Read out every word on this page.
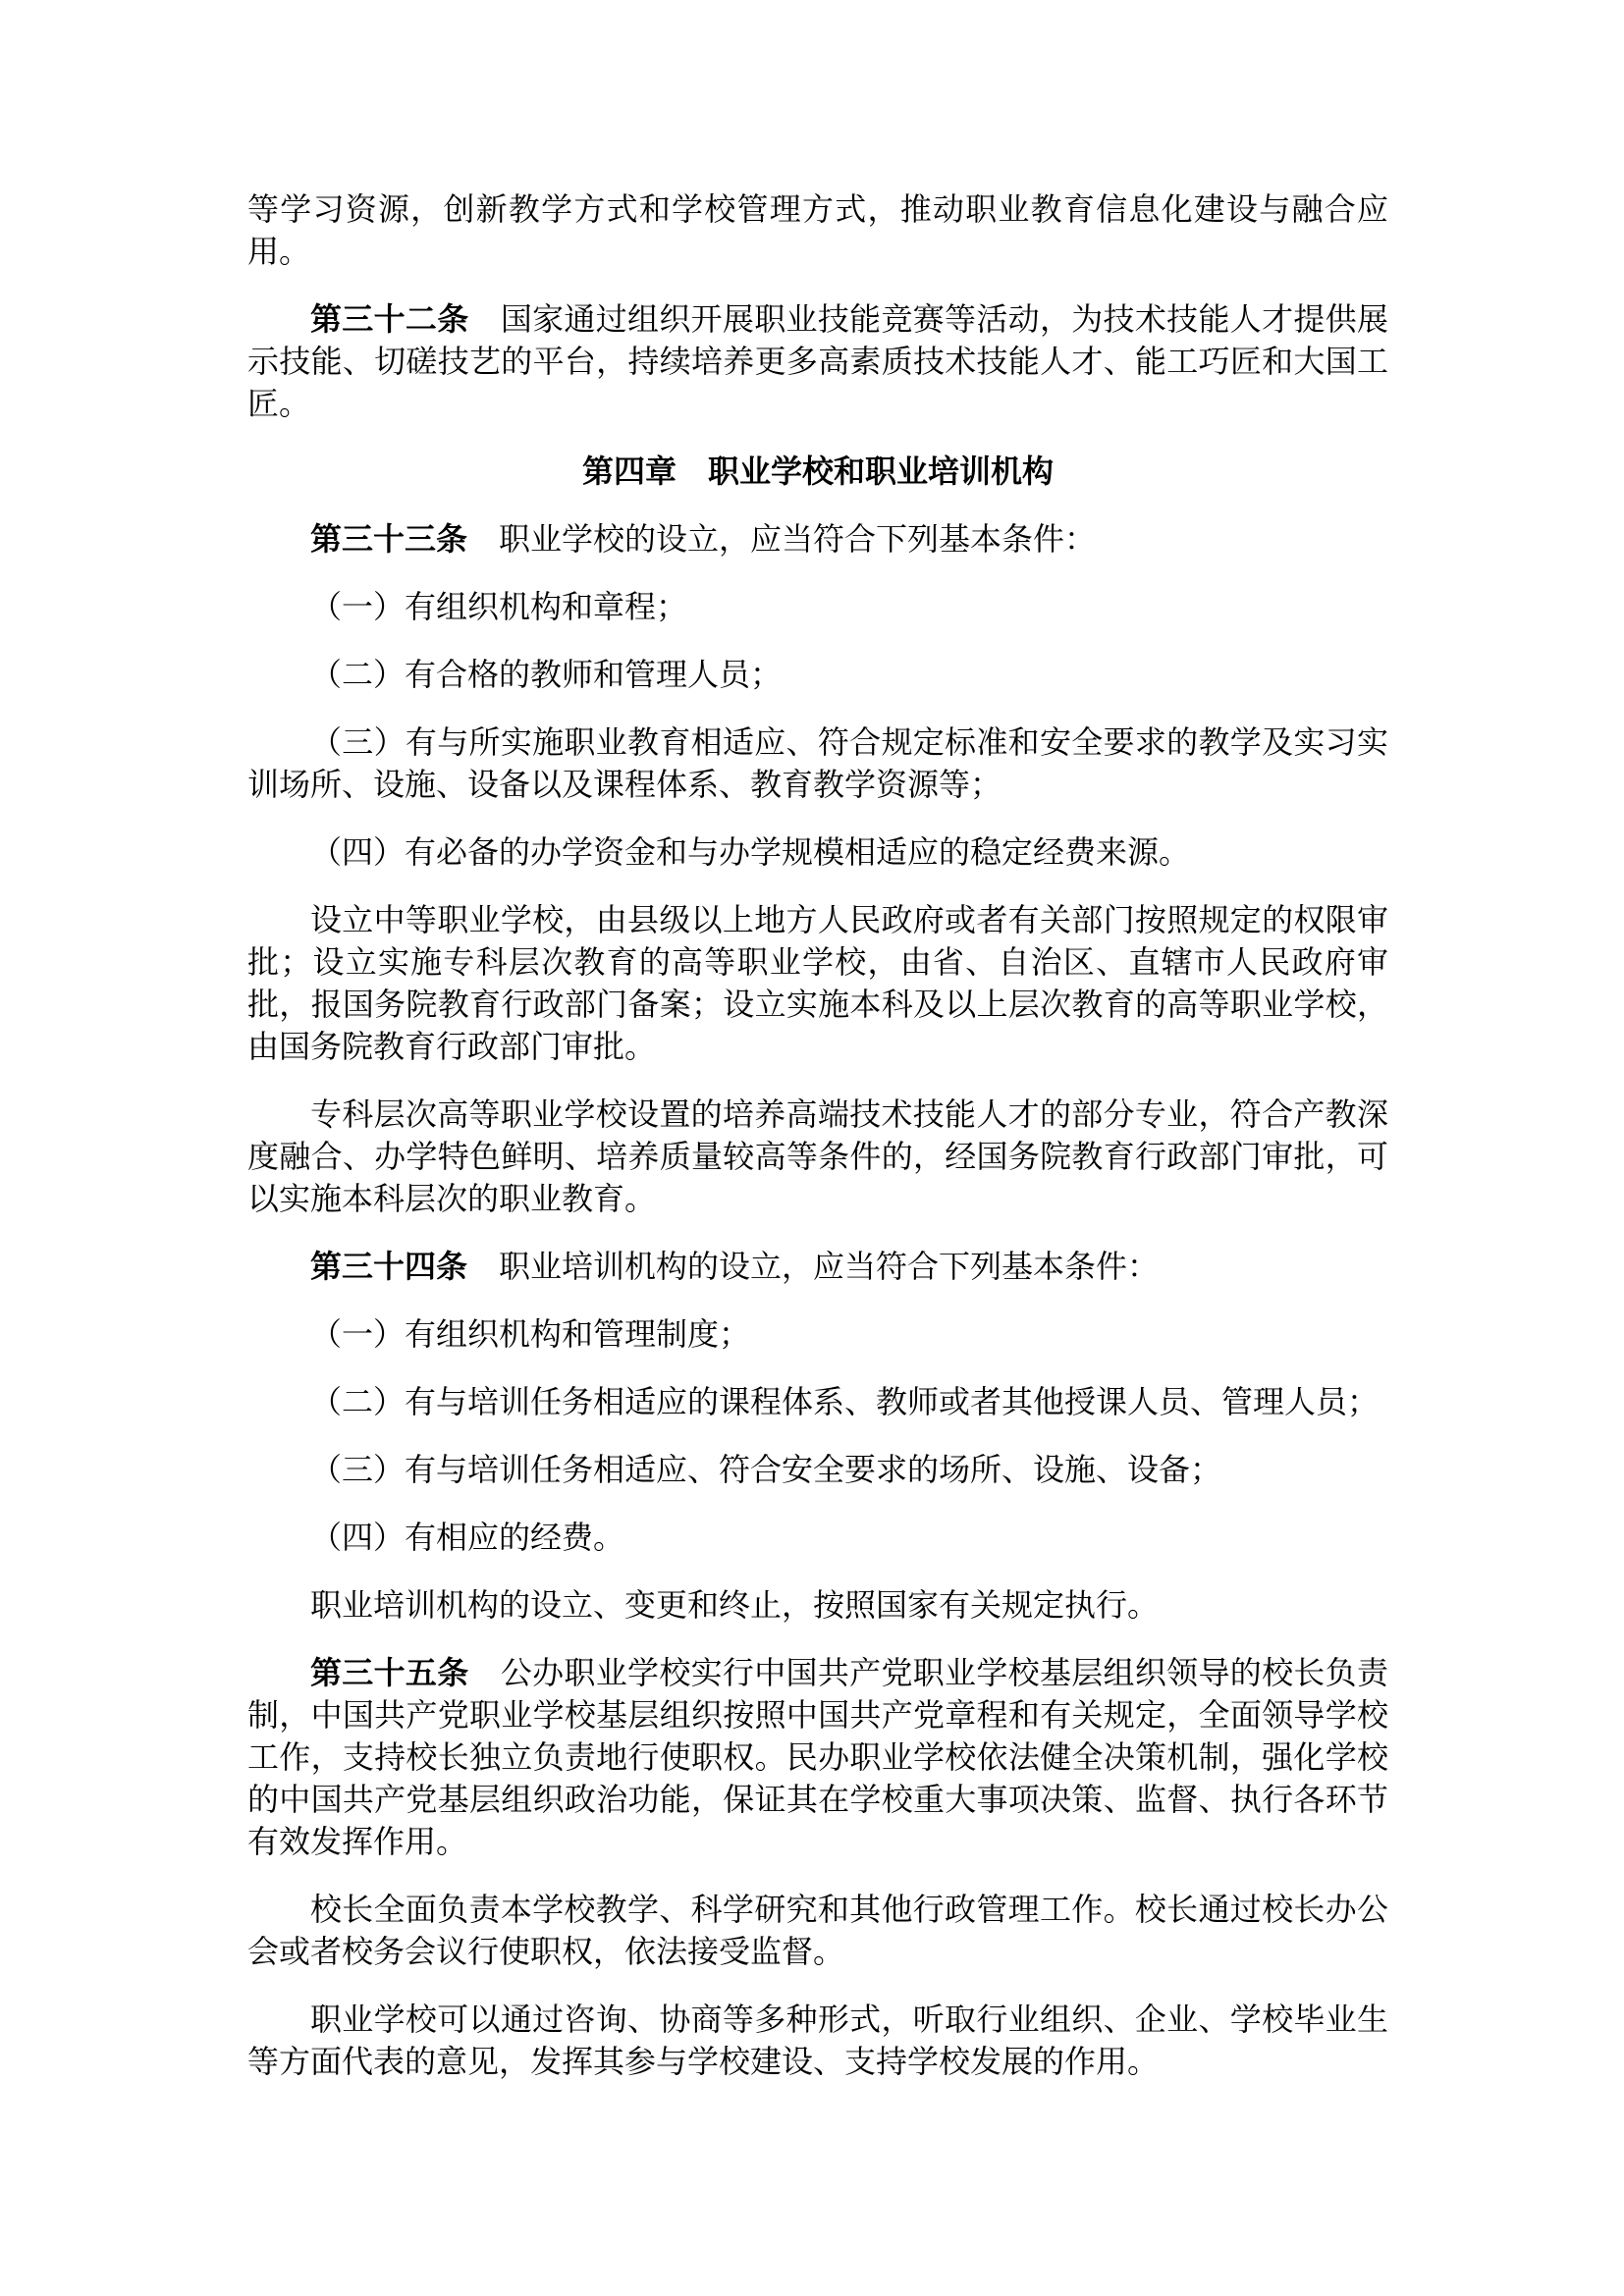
等学习资源，创新教学方式和学校管理方式，推动职业教育信息化建设与融合应用。

第三十二条 国家通过组织开展职业技能竞赛等活动，为技术技能人才提供展示技能、切磋技艺的平台，持续培养更多高素质技术技能人才、能工巧匠和大国工匠。

第四章　职业学校和职业培训机构

第三十三条 职业学校的设立，应当符合下列基本条件：

（一）有组织机构和章程；

（二）有合格的教师和管理人员；

（三）有与所实施职业教育相适应、符合规定标准和安全要求的教学及实习实训场所、设施、设备以及课程体系、教育教学资源等；

（四）有必备的办学资金和与办学规模相适应的稳定经费来源。

设立中等职业学校，由县级以上地方人民政府或者有关部门按照规定的权限审批；设立实施专科层次教育的高等职业学校，由省、自治区、直辖市人民政府审批，报国务院教育行政部门备案；设立实施本科及以上层次教育的高等职业学校，由国务院教育行政部门审批。

专科层次高等职业学校设置的培养高端技术技能人才的部分专业，符合产教深度融合、办学特色鲜明、培养质量较高等条件的，经国务院教育行政部门审批，可以实施本科层次的职业教育。

第三十四条 职业培训机构的设立，应当符合下列基本条件：

（一）有组织机构和管理制度；

（二）有与培训任务相适应的课程体系、教师或者其他授课人员、管理人员；

（三）有与培训任务相适应、符合安全要求的场所、设施、设备；

（四）有相应的经费。

职业培训机构的设立、变更和终止，按照国家有关规定执行。

第三十五条 公办职业学校实行中国共产党职业学校基层组织领导的校长负责制，中国共产党职业学校基层组织按照中国共产党章程和有关规定，全面领导学校工作，支持校长独立负责地行使职权。民办职业学校依法健全决策机制，强化学校的中国共产党基层组织政治功能，保证其在学校重大事项决策、监督、执行各环节有效发挥作用。

校长全面负责本学校教学、科学研究和其他行政管理工作。校长通过校长办公会或者校务会议行使职权，依法接受监督。

职业学校可以通过咨询、协商等多种形式，听取行业组织、企业、学校毕业生等方面代表的意见，发挥其参与学校建设、支持学校发展的作用。
